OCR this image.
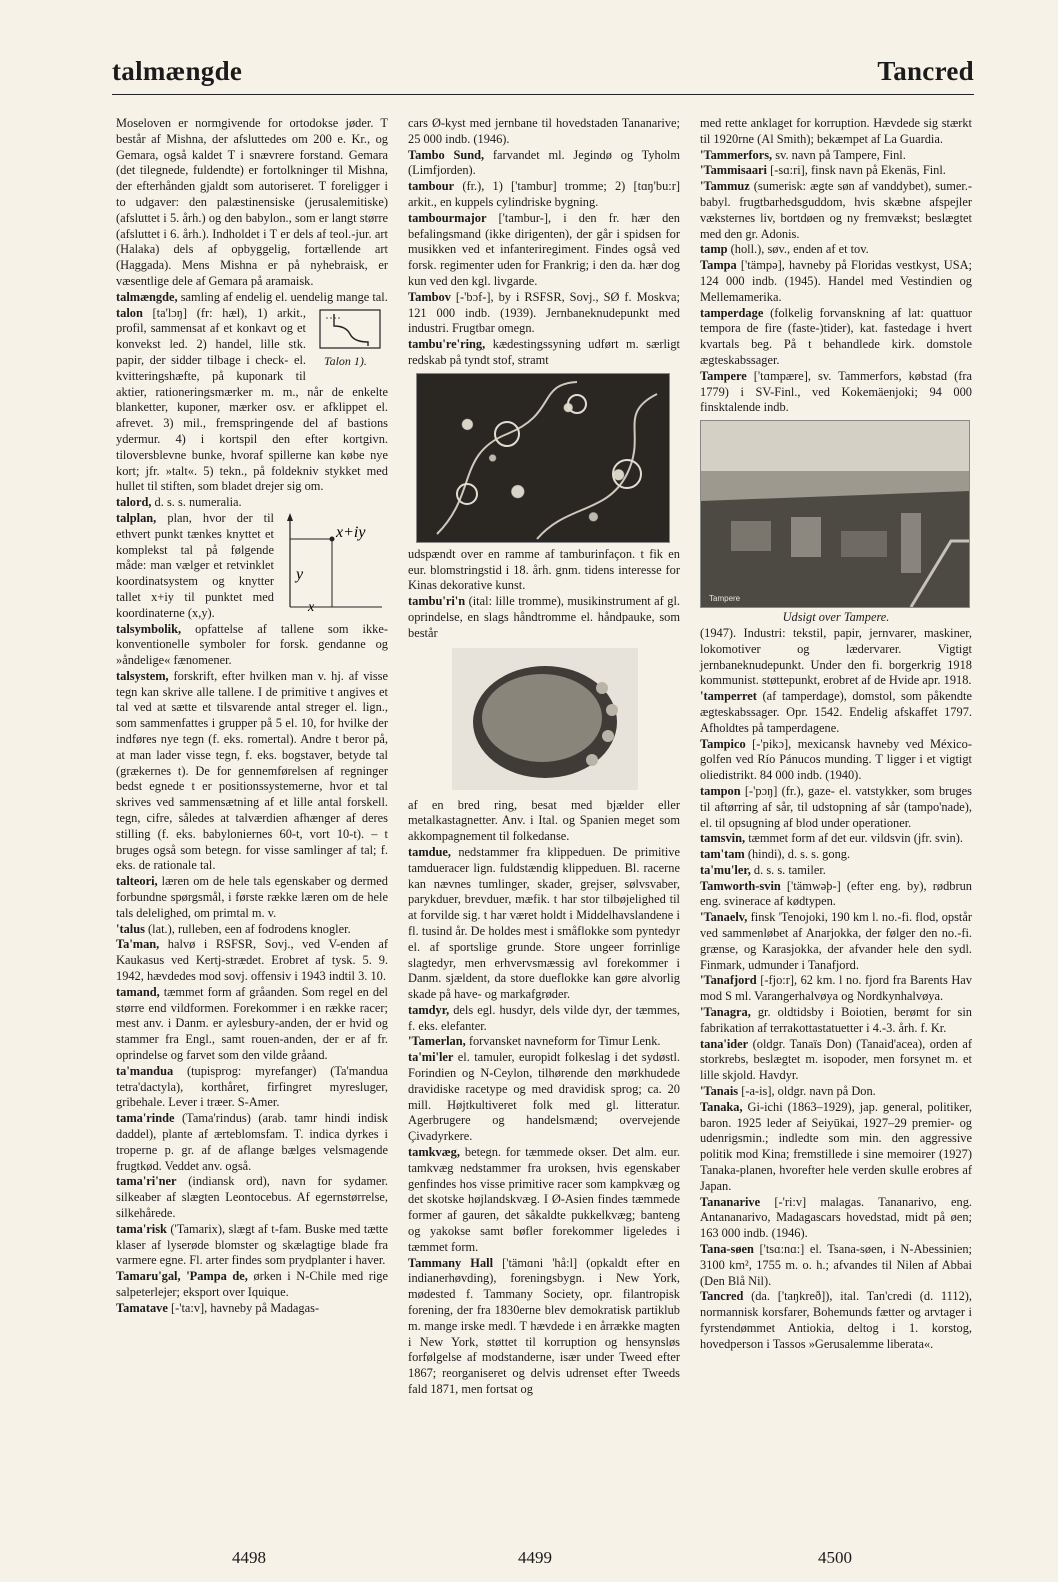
talmængde	Tancred

Moseloven er normgivende for ortodokse jøder. T består af Mishna, der afsluttedes om 200 e. Kr., og Gemara, også kaldet T i snævrere forstand. Gemara (det tilegnede, fuldendte) er fortolkninger til Mishna, der efterhånden gjaldt som autoriseret. T foreligger i to udgaver: den palæstinensiske (jerusalemitiske) (afsluttet i 5. årh.) og den babylon., som er langt større (afsluttet i 6. årh.). Indholdet i T er dels af teol.-jur. art (Halaka) dels af opbyggelig, fortællende art (Haggada). Mens Mishna er på nyhebraisk, er væsentlige dele af Gemara på aramaisk.

talmængde, samling af endelig el. uendelig mange tal.

Talon 1).

talon [ta'lɔŋ] (fr: hæl), 1) arkit., profil, sammensat af et konkavt og et konvekst led. 2) handel, lille stk. papir, der sidder tilbage i check- el. kvitteringshæfte, på kuponark til aktier, rationeringsmærker m. m., når de enkelte blanketter, kuponer, mærker osv. er afklippet el. afrevet. 3) mil., fremspringende del af bastions ydermur. 4) i kortspil den efter kortgivn. tiloversblevne bunke, hvoraf spillerne kan købe nye kort; jfr. »talt«. 5) tekn., på foldekniv stykket med hullet til stiften, som bladet drejer sig om.

talord, d. s. s. numeralia.

x+iy
y
x

talplan, plan, hvor der til ethvert punkt tænkes knyttet et komplekst tal på følgende måde: man vælger et retvinklet koordinatsystem og knytter tallet x+iy til punktet med koordinaterne (x,y).

talsymbolik, opfattelse af tallene som ikke-konventionelle symboler for forsk. gendanne og »åndelige« fænomener.

talsystem, forskrift, efter hvilken man v. hj. af visse tegn kan skrive alle tallene. I de primitive t angives et tal ved at sætte et tilsvarende antal streger el. lign., som sammenfattes i grupper på 5 el. 10, for hvilke der indføres nye tegn (f. eks. romertal). Andre t beror på, at man lader visse tegn, f. eks. bogstaver, betyde tal (grækernes t). De for gennemførelsen af regninger bedst egnede t er positionssystemerne, hvor et tal skrives ved sammensætning af et lille antal forskell. tegn, cifre, således at talværdien afhænger af deres stilling (f. eks. babyloniernes 60-t, vort 10-t). – t bruges også som betegn. for visse samlinger af tal; f. eks. de rationale tal.

talteori, læren om de hele tals egenskaber og dermed forbundne spørgsmål, i første række læren om de hele tals delelighed, om primtal m. v.

'talus (lat.), rulleben, een af fodrodens knogler.

Ta'man, halvø i RSFSR, Sovj., ved V-enden af Kaukasus ved Kertj-strædet. Erobret af tysk. 5. 9. 1942, hævdedes mod sovj. offensiv i 1943 indtil 3. 10.

tamand, tæmmet form af gråanden. Som regel en del større end vildformen. Forekommer i en række racer; mest anv. i Danm. er aylesbury-anden, der er hvid og stammer fra Engl., samt rouen-anden, der er af fr. oprindelse og farvet som den vilde gråand.

ta'mandua (tupisprog: myrefanger) (Ta'mandua tetra'dactyla), korthåret, firfingret myresluger, gribehale. Lever i træer. S-Amer.

tama'rinde (Tama'rindus) (arab. tamr hindi indisk daddel), plante af ærteblomsfam. T. indica dyrkes i troperne p. gr. af de aflange bælges velsmagende frugtkød. Veddet anv. også.

tama'ri'ner (indiansk ord), navn for sydamer. silkeaber af slægten Leontocebus. Af egernstørrelse, silkehårede.

tama'risk ('Tamarix), slægt af t-fam. Buske med tætte klaser af lyserøde blomster og skælagtige blade fra varmere egne. Fl. arter findes som prydplanter i haver.

Tamaru'gal, 'Pampa de, ørken i N-Chile med rige salpeterlejer; eksport over Iquique.

Tamatave [-'ta:v], havneby på Madagas-

cars Ø-kyst med jernbane til hovedstaden Tananarive; 25 000 indb. (1946).

Tambo Sund, farvandet ml. Jegindø og Tyholm (Limfjorden).

tambour (fr.), 1) ['tambur] tromme; 2) [tɑŋ'bu:r] arkit., en kuppels cylindriske bygning.

tambourmajor ['tambur-], i den fr. hær den befalingsmand (ikke dirigenten), der går i spidsen for musikken ved et infanteriregiment. Findes også ved forsk. regimenter uden for Frankrig; i den da. hær dog kun ved den kgl. livgarde.

Tambov [-'bɔf-], by i RSFSR, Sovj., SØ f. Moskva; 121 000 indb. (1939). Jernbaneknudepunkt med industri. Frugtbar omegn.

tambu're'ring, kædestingssyning udført m. særligt redskab på tyndt stof, stramt

udspændt over en ramme af tamburinfaçon. t fik en eur. blomstringstid i 18. årh. gnm. tidens interesse for Kinas dekorative kunst.

tambu'ri'n (ital: lille tromme), musikinstrument af gl. oprindelse, en slags håndtromme el. håndpauke, som består

af en bred ring, besat med bjælder eller metalkastagnetter. Anv. i Ital. og Spanien meget som akkompagnement til folkedanse.

tamdue, nedstammer fra klippeduen. De primitive tamdueracer lign. fuldstændig klippeduen. Bl. racerne kan nævnes tumlinger, skader, grejser, sølvsvaber, parykduer, brevduer, mæfik. t har stor tilbøjelighed til at forvilde sig. t har været holdt i Middelhavslandene i fl. tusind år. De holdes mest i småflokke som pyntedyr el. af sportslige grunde. Store ungeer forrinlige slagtedyr, men erhvervsmæssig avl forekommer i Danm. sjældent, da store dueflokke kan gøre alvorlig skade på have- og markafgrøder.

tamdyr, dels egl. husdyr, dels vilde dyr, der tæmmes, f. eks. elefanter.

'Tamerlan, forvansket navneform for Timur Lenk.

ta'mi'ler el. tamuler, europidt folkeslag i det sydøstl. Forindien og N-Ceylon, tilhørende den mørkhudede dravidiske racetype og med dravidisk sprog; ca. 20 mill. Højtkultiveret folk med gl. litteratur. Agerbrugere og handelsmænd; overvejende Çivadyrkere.

tamkvæg, betegn. for tæmmede okser. Det alm. eur. tamkvæg nedstammer fra uroksen, hvis egenskaber genfindes hos visse primitive racer som kampkvæg og det skotske højlandskvæg. I Ø-Asien findes tæmmede former af gauren, det såkaldte pukkelkvæg; banteng og yakokse samt bøfler forekommer ligeledes i tæmmet form.

Tammany Hall ['tämɑni 'hå:l] (opkaldt efter en indianerhøvding), foreningsbygn. i New York, mødested f. Tammany Society, opr. filantropisk forening, der fra 1830erne blev demokratisk partiklub m. mange irske medl. T hævdede i en årrække magten i New York, støttet til korruption og hensynsløs forfølgelse af modstanderne, især under Tweed efter 1867; reorganiseret og delvis udrenset efter Tweeds fald 1871, men fortsat og

med rette anklaget for korruption. Hævdede sig stærkt til 1920rne (Al Smith); bekæmpet af La Guardia.

'Tammerfors, sv. navn på Tampere, Finl.

'Tammisaari [-sɑ:ri], finsk navn på Ekenäs, Finl.

'Tammuz (sumerisk: ægte søn af vanddybet), sumer.-babyl. frugtbarhedsguddom, hvis skæbne afspejler væksternes liv, bortdøen og ny fremvækst; beslægtet med den gr. Adonis.

tamp (holl.), søv., enden af et tov.

Tampa ['tämpə], havneby på Floridas vestkyst, USA; 124 000 indb. (1945). Handel med Vestindien og Mellemamerika.

tamperdage (folkelig forvanskning af lat: quattuor tempora de fire (faste-)tider), kat. fastedage i hvert kvartals beg. På t behandlede kirk. domstole ægteskabssager.

Tampere ['tɑmpære], sv. Tammerfors, købstad (fra 1779) i SV-Finl., ved Kokemäenjoki; 94 000 finsktalende indb.

Tampere

Udsigt over Tampere.

(1947). Industri: tekstil, papir, jernvarer, maskiner, lokomotiver og lædervarer. Vigtigt jernbaneknudepunkt. Under den fi. borgerkrig 1918 kommunist. støttepunkt, erobret af de Hvide apr. 1918.

'tamperret (af tamperdage), domstol, som påkendte ægteskabssager. Opr. 1542. Endelig afskaffet 1797. Afholdtes på tamperdagene.

Tampico [-'pikɔ], mexicansk havneby ved México-golfen ved Río Pánucos munding. T ligger i et vigtigt oliedistrikt. 84 000 indb. (1940).

tampon [-'pɔŋ] (fr.), gaze- el. vatstykker, som bruges til aftørring af sår, til udstopning af sår (tampo'nade), el. til opsugning af blod under operationer.

tamsvin, tæmmet form af det eur. vildsvin (jfr. svin).

tam'tam (hindi), d. s. s. gong.

ta'mu'ler, d. s. s. tamiler.

Tamworth-svin ['tämwəþ-] (efter eng. by), rødbrun eng. svinerace af kødtypen.

'Tanaelv, finsk 'Tenojoki, 190 km l. no.-fi. flod, opstår ved sammenløbet af Anarjokka, der følger den no.-fi. grænse, og Karasjokka, der afvander hele den sydl. Finmark, udmunder i Tanafjord.

'Tanafjord [-fjo:r], 62 km. l no. fjord fra Barents Hav mod S ml. Varangerhalvøya og Nordkynhalvøya.

'Tanagra, gr. oldtidsby i Boiotien, berømt for sin fabrikation af terrakottastatuetter i 4.-3. årh. f. Kr.

tana'ider (oldgr. Tanaïs Don) (Tanaid'acea), orden af storkrebs, beslægtet m. isopoder, men forsynet m. et lille skjold. Havdyr.

'Tanais [-a-is], oldgr. navn på Don.

Tanaka, Gi-ichi (1863–1929), jap. general, politiker, baron. 1925 leder af Seiyūkai, 1927–29 premier- og udenrigsmin.; indledte som min. den aggressive politik mod Kina; fremstillede i sine memoirer (1927) Tanaka-planen, hvorefter hele verden skulle erobres af Japan.

Tananarive [-'ri:v] malagas. Tananarivo, eng. Antananarivo, Madagascars hovedstad, midt på øen; 163 000 indb. (1946).

Tana-søen ['tsɑ:nɑ:] el. Tsana-søen, i N-Abessinien; 3100 km², 1755 m. o. h.; afvandes til Nilen af Abbai (Den Blå Nil).

Tancred (da. ['taŋkreð]), ital. Tan'credi (d. 1112), normannisk korsfarer, Bohemunds fætter og arvtager i fyrstendømmet Antiokia, deltog i 1. korstog, hovedperson i Tassos »Gerusalemme liberata«.

4498	4499	4500
